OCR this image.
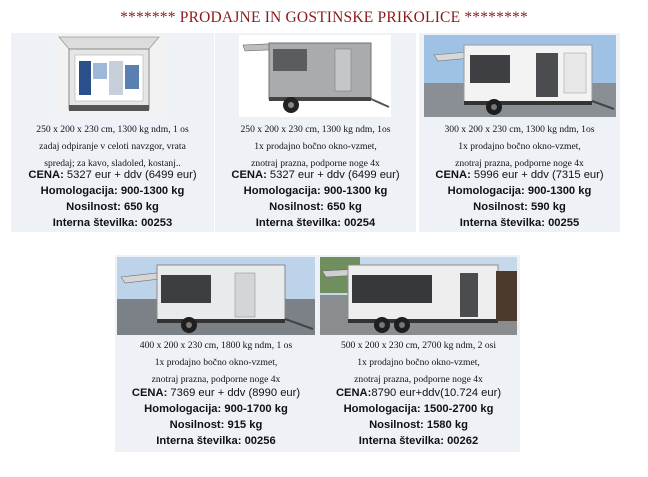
******* PRODAJNE IN GOSTINSKE PRIKOLICE ********
250 x 200 x 230 cm, 1300 kg ndm, 1 os
zadaj odpiranje v celoti navzgor, vrata
spredaj; za kavo, sladoled, kostanj..
CENA: 5327 eur + ddv (6499 eur)
Homologacija: 900-1300 kg
Nosilnost: 650 kg
Interna številka: 00253
250 x 200 x 230 cm, 1300 kg ndm, 1os
1x prodajno bočno okno-vzmet,
znotraj prazna, podporne noge 4x
CENA: 5327 eur + ddv (6499 eur)
Homologacija: 900-1300 kg
Nosilnost: 650 kg
Interna številka: 00254
300 x 200 x 230 cm, 1300 kg ndm, 1os
1x prodajno bočno okno-vzmet,
znotraj prazna, podporne noge 4x
CENA: 5996 eur + ddv (7315 eur)
Homologacija: 900-1300 kg
Nosilnost: 590 kg
Interna številka: 00255
400 x 200 x 230 cm, 1800 kg ndm, 1 os
1x prodajno bočno okno-vzmet,
znotraj prazna, podporne noge 4x
CENA: 7369 eur + ddv (8990 eur)
Homologacija: 900-1700 kg
Nosilnost: 915 kg
Interna številka: 00256
500 x 200 x 230 cm, 2700 kg ndm, 2 osi
1x prodajno bočno okno-vzmet,
znotraj prazna, podporne noge 4x
CENA:8790 eur+ddv(10.724 eur)
Homologacija: 1500-2700 kg
Nosilnost: 1580 kg
Interna številka: 00262
